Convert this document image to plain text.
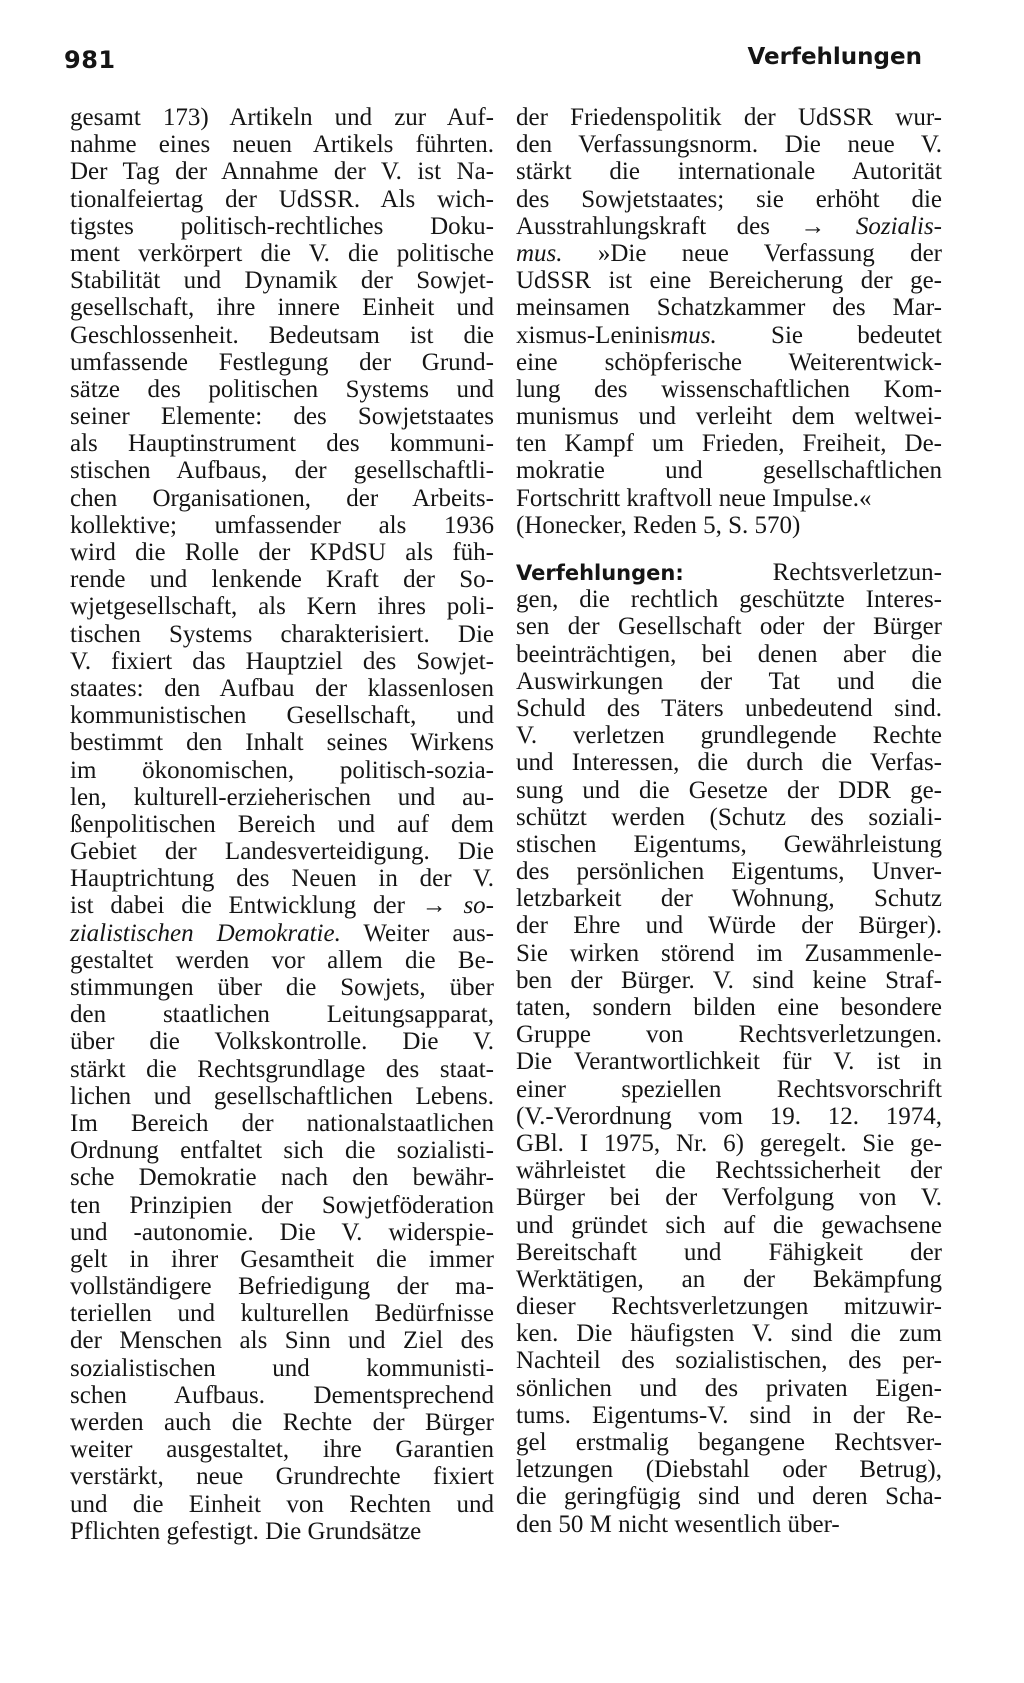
981	Verfehlungen
gesamt 173) Artikeln und zur Auf-
nahme eines neuen Artikels führten.
Der Tag der Annahme der V. ist Na-
tionalfeiertag der UdSSR. Als wich-
tigstes politisch-rechtliches Doku-
ment verkörpert die V. die politische
Stabilität und Dynamik der Sowjet-
gesellschaft, ihre innere Einheit und
Geschlossenheit. Bedeutsam ist die
umfassende Festlegung der Grund-
sätze des politischen Systems und
seiner Elemente: des Sowjetstaates
als Hauptinstrument des kommuni-
stischen Aufbaus, der gesellschaftli-
chen Organisationen, der Arbeits-
kollektive; umfassender als 1936
wird die Rolle der KPdSU als füh-
rende und lenkende Kraft der So-
wjetgesellschaft, als Kern ihres poli-
tischen Systems charakterisiert. Die
V. fixiert das Hauptziel des Sowjet-
staates: den Aufbau der klassenlosen
kommunistischen Gesellschaft, und
bestimmt den Inhalt seines Wirkens
im ökonomischen, politisch-sozia-
len, kulturell-erzieherischen und au-
ßenpolitischen Bereich und auf dem
Gebiet der Landesverteidigung. Die
Hauptrichtung des Neuen in der V.
ist dabei die Entwicklung der → so-
zialistischen Demokratie. Weiter aus-
gestaltet werden vor allem die Be-
stimmungen über die Sowjets, über
den staatlichen Leitungsapparat,
über die Volkskontrolle. Die V.
stärkt die Rechtsgrundlage des staat-
lichen und gesellschaftlichen Lebens.
Im Bereich der nationalstaatlichen
Ordnung entfaltet sich die sozialisti-
sche Demokratie nach den bewähr-
ten Prinzipien der Sowjetföderation
und -autonomie. Die V. widerspie-
gelt in ihrer Gesamtheit die immer
vollständigere Befriedigung der ma-
teriellen und kulturellen Bedürfnisse
der Menschen als Sinn und Ziel des
sozialistischen und kommunisti-
schen Aufbaus. Dementsprechend
werden auch die Rechte der Bürger
weiter ausgestaltet, ihre Garantien
verstärkt, neue Grundrechte fixiert
und die Einheit von Rechten und
Pflichten gefestigt. Die Grundsätze
der Friedenspolitik der UdSSR wur-
den Verfassungsnorm. Die neue V.
stärkt die internationale Autorität
des Sowjetstaates; sie erhöht die
Ausstrahlungskraft des → Sozialis-
mus. »Die neue Verfassung der
UdSSR ist eine Bereicherung der ge-
meinsamen Schatzkammer des Mar-
xismus-Leninismus. Sie bedeutet
eine schöpferische Weiterentwick-
lung des wissenschaftlichen Kom-
munismus und verleiht dem weltwei-
ten Kampf um Frieden, Freiheit, De-
mokratie und gesellschaftlichen
Fortschritt kraftvoll neue Impulse.«
(Honecker, Reden 5, S. 570)
Verfehlungen:	Rechtsverletzun-
gen, die rechtlich geschützte Interes-
sen der Gesellschaft oder der Bürger
beeinträchtigen, bei denen aber die
Auswirkungen der Tat und die
Schuld des Täters unbedeutend sind.
V. verletzen grundlegende Rechte
und Interessen, die durch die Verfas-
sung und die Gesetze der DDR ge-
schützt werden (Schutz des soziali-
stischen Eigentums, Gewährleistung
des persönlichen Eigentums, Unver-
letzbarkeit der Wohnung, Schutz
der Ehre und Würde der Bürger).
Sie wirken störend im Zusammenle-
ben der Bürger. V. sind keine Straf-
taten, sondern bilden eine besondere
Gruppe von Rechtsverletzungen.
Die Verantwortlichkeit für V. ist in
einer speziellen Rechtsvorschrift
(V.-Verordnung vom 19. 12. 1974,
GBl. I 1975, Nr. 6) geregelt. Sie ge-
währleistet die Rechtssicherheit der
Bürger bei der Verfolgung von V.
und gründet sich auf die gewachsene
Bereitschaft und Fähigkeit der
Werktätigen, an der Bekämpfung
dieser Rechtsverletzungen mitzuwir-
ken. Die häufigsten V. sind die zum
Nachteil des sozialistischen, des per-
sönlichen und des privaten Eigen-
tums. Eigentums-V. sind in der Re-
gel erstmalig begangene Rechtsver-
letzungen (Diebstahl oder Betrug),
die geringfügig sind und deren Scha-
den 50 M nicht wesentlich über-
